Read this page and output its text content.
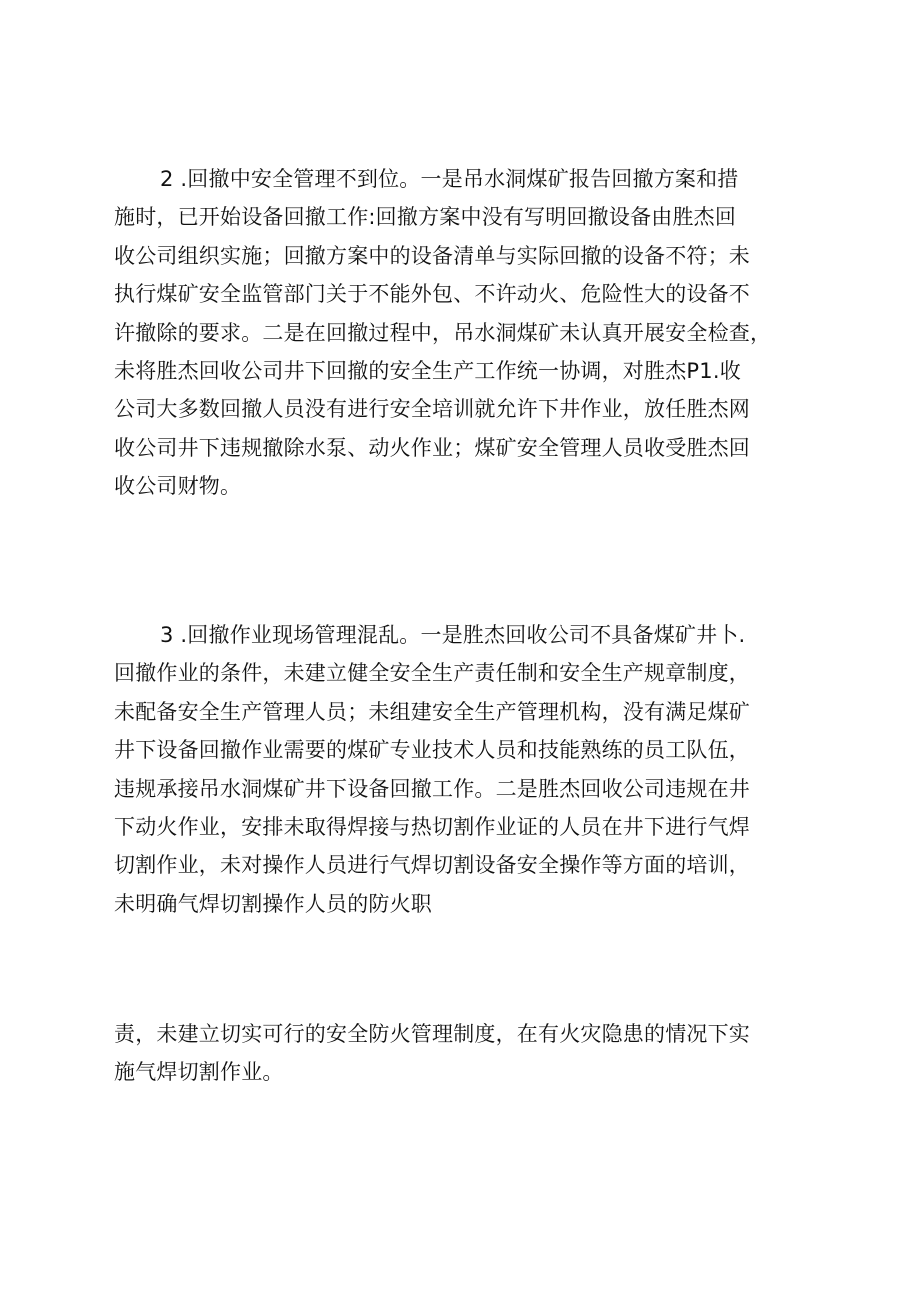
2 .回撤中安全管理不到位。一是吊水洞煤矿报告回撤方案和措
施时，已开始设备回撤工作:回撤方案中没有写明回撤设备由胜杰回
收公司组织实施；回撤方案中的设备清单与实际回撤的设备不符；未
执行煤矿安全监管部门关于不能外包、不许动火、危险性大的设备不
许撤除的要求。二是在回撤过程中，吊水洞煤矿未认真开展安全检查，
未将胜杰回收公司井下回撤的安全生产工作统一协调，对胜杰P1.收
公司大多数回撤人员没有进行安全培训就允许下井作业，放任胜杰网
收公司井下违规撤除水泵、动火作业；煤矿安全管理人员收受胜杰回
收公司财物。
3 .回撤作业现场管理混乱。一是胜杰回收公司不具备煤矿井卜.
回撤作业的条件，未建立健全安全生产责任制和安全生产规章制度，
未配备安全生产管理人员；未组建安全生产管理机构，没有满足煤矿
井下设备回撤作业需要的煤矿专业技术人员和技能熟练的员工队伍，
违规承接吊水洞煤矿井下设备回撤工作。二是胜杰回收公司违规在井
下动火作业，安排未取得焊接与热切割作业证的人员在井下进行气焊
切割作业，未对操作人员进行气焊切割设备安全操作等方面的培训，
未明确气焊切割操作人员的防火职
责，未建立切实可行的安全防火管理制度，在有火灾隐患的情况下实
施气焊切割作业。
